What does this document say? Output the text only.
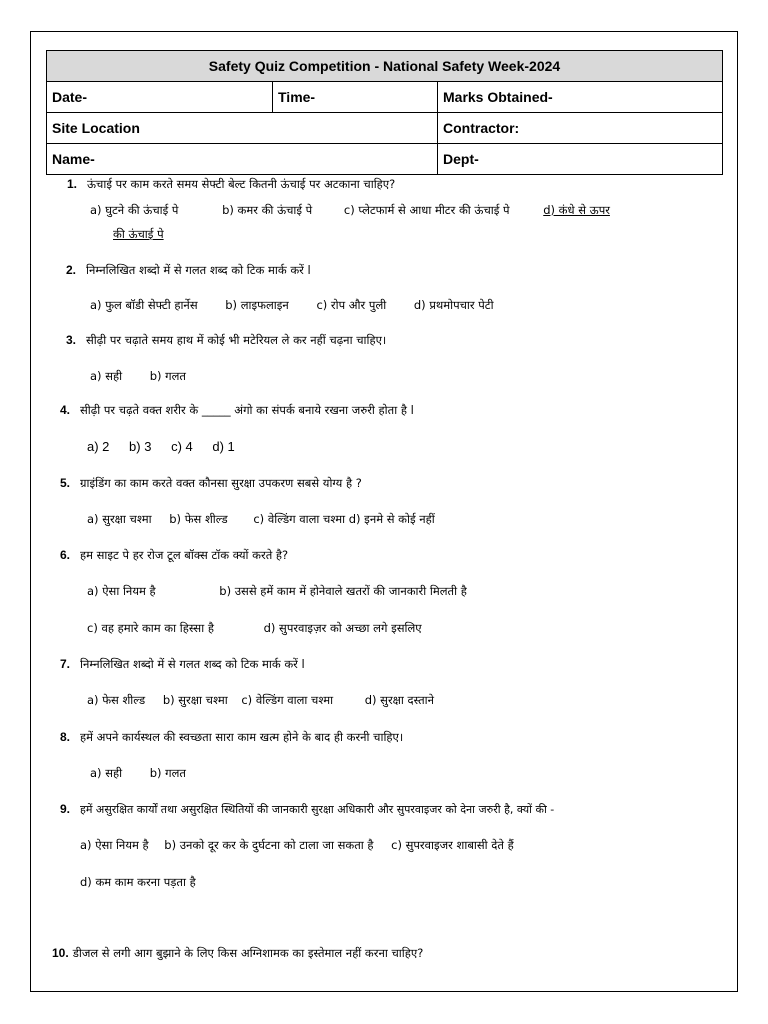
Safety Quiz Competition - National Safety Week-2024		
Date-	Time-	Marks Obtained-
Site Location		Contractor:
Name-		Dept-
1. ऊंचाई पर काम करते समय सेफ्टी बेल्ट कितनी ऊंचाई पर अटकाना चाहिए?
a) घुटने की ऊंचाई पे	b) कमर की ऊंचाई पे	c) प्लेटफार्म से आधा मीटर की ऊंचाई पे	d) कंधे से ऊपर
की ऊंचाई पे
2. निम्नलिखित शब्दो में से गलत शब्द को टिक मार्क करें l
a) फुल बॉडी सेफ्टी हार्नेस b) लाइफलाइन c) रोप और पुली d) प्रथमोपचार पेटी
3. सीढ़ी पर चढ़ाते समय हाथ में कोई भी मटेरियल ले कर नहीं चढ़ना चाहिए।
a) सही b) गलत
4. सीढ़ी पर चढ़ते वक्त शरीर के _____ अंगो का संपर्क बनाये रखना जरुरी होता है l
a) 2 b) 3 c) 4 d) 1
5. ग्राइंडिंग का काम करते वक्त कौनसा सुरक्षा उपकरण सबसे योग्य है ?
a) सुरक्षा चश्मा b) फेस शील्ड c) वेल्डिंग वाला चश्मा d) इनमे से कोई नहीं
6. हम साइट पे हर रोज टूल बॉक्स टॉक क्यों करते है?
a) ऐसा नियम है	b) उससे हमें काम में होनेवाले खतरों की जानकारी मिलती है
c) वह हमारे काम का हिस्सा है	d) सुपरवाइज़र को अच्छा लगे इसलिए
7. निम्नलिखित शब्दो में से गलत शब्द को टिक मार्क करें l
a) फेस शील्ड b) सुरक्षा चश्मा c) वेल्डिंग वाला चश्मा	d) सुरक्षा दस्ताने
8. हमें अपने कार्यस्थल की स्वच्छता सारा काम खत्म होने के बाद ही करनी चाहिए।
a) सही b) गलत
9. हमें असुरक्षित कार्यों तथा असुरक्षित स्थितियों की जानकारी सुरक्षा अधिकारी और सुपरवाइजर को देना जरुरी है, क्यों की -
a) ऐसा नियम है b) उनको दूर कर के दुर्घटना को टाला जा सकता है c) सुपरवाइजर शाबासी देते हैं
d) कम काम करना पड़ता है
10. डीजल से लगी आग बुझाने के लिए किस अग्निशामक का इस्तेमाल नहीं करना चाहिए?
